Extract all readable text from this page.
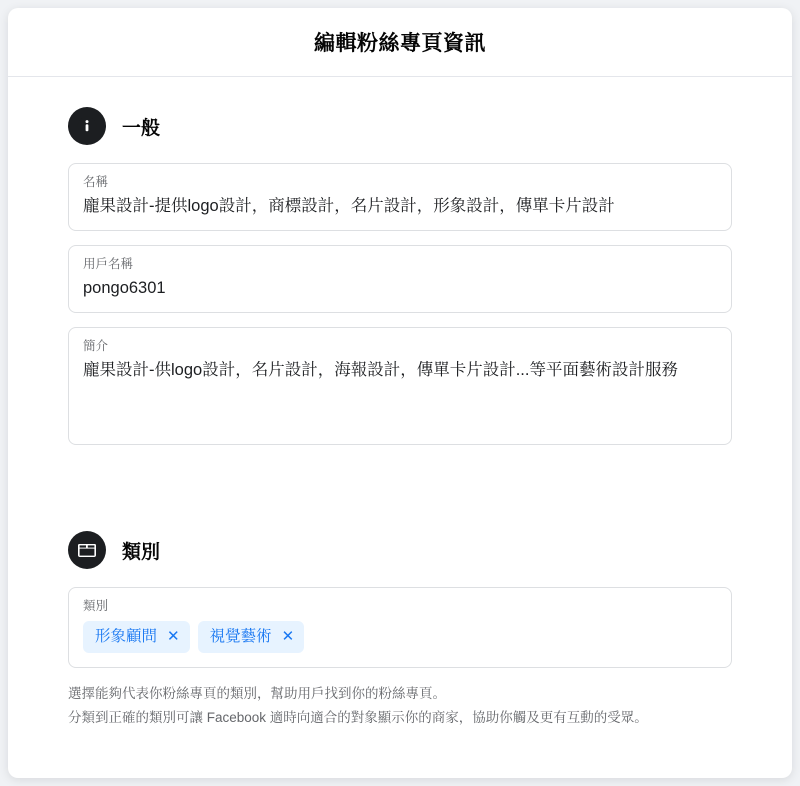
編輯粉絲專頁資訊
一般
名稱
龐果設計-提供logo設計，商標設計，名片設計，形象設計，傳單卡片設計
用戶名稱
pongo6301
簡介
龐果設計-供logo設計，名片設計，海報設計，傳單卡片設計...等平面藝術設計服務
類別
類別
形象顧問 ✕ 視覺藝術 ✕
選擇能夠代表你粉絲專頁的類別，幫助用戶找到你的粉絲專頁。
分類到正確的類別可讓 Facebook 適時向適合的對象顯示你的商家，協助你觸及更有互動的受眾。
